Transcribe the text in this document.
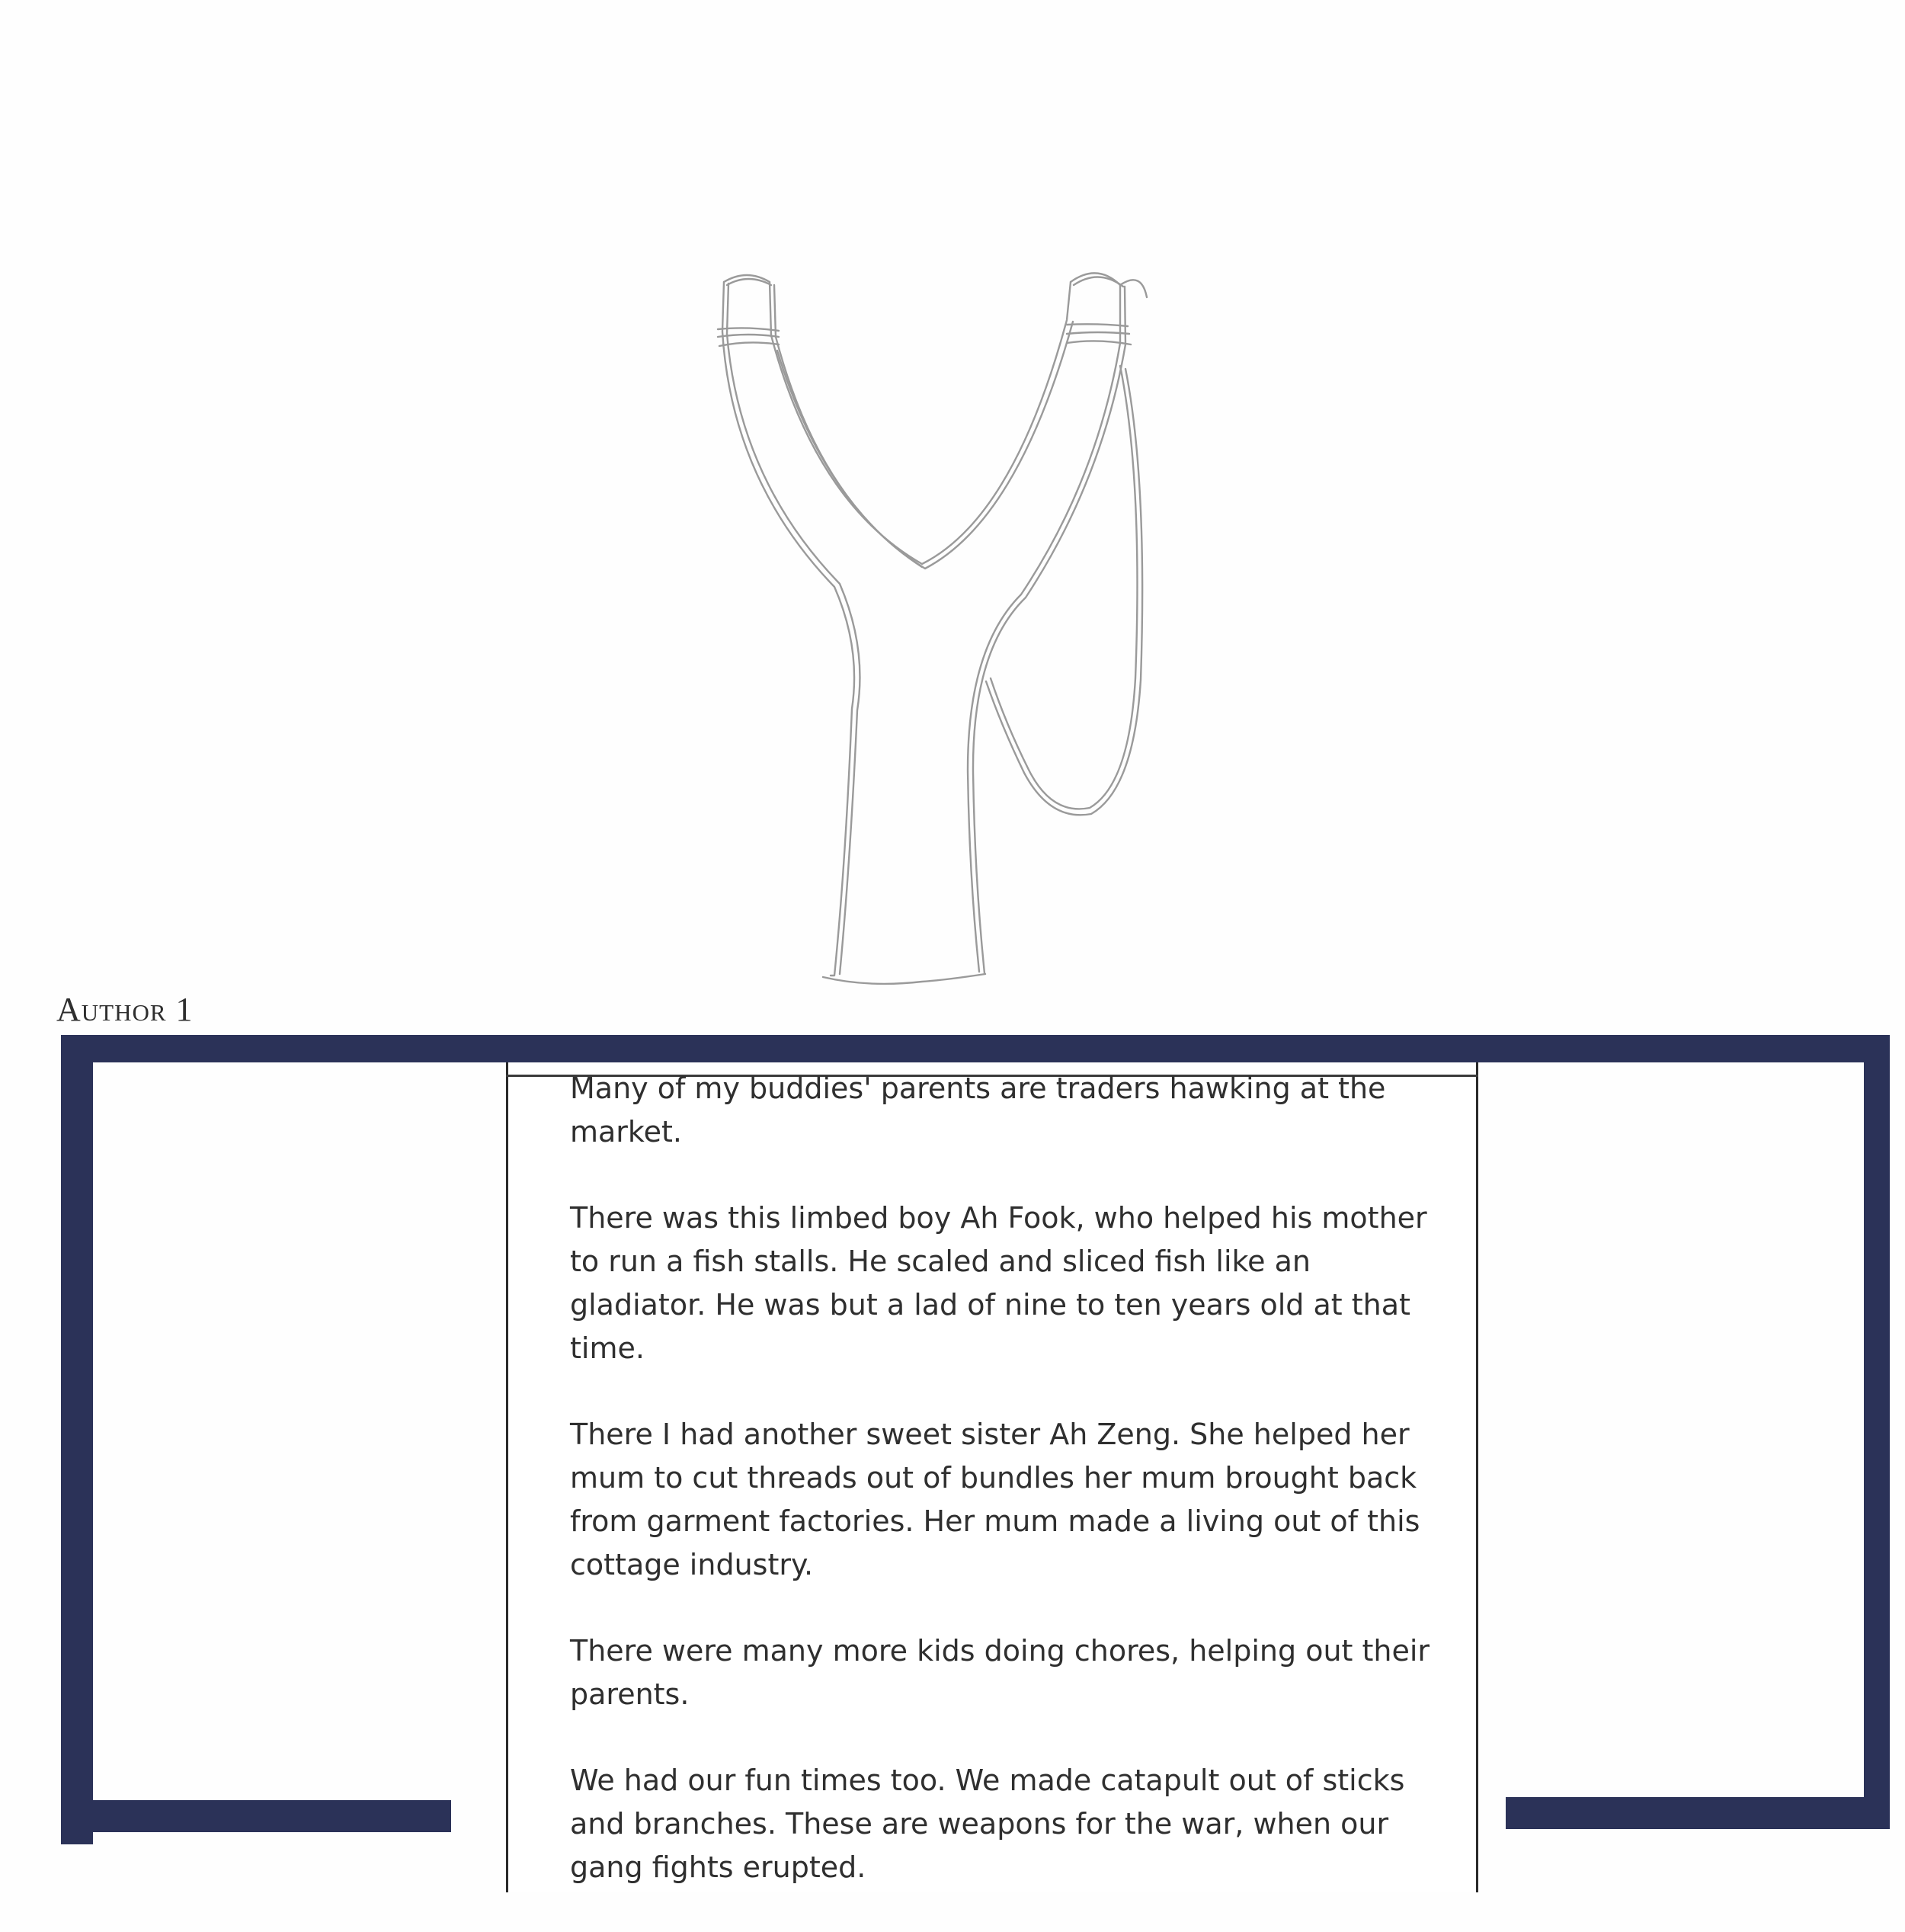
Author 1

Many of my buddies' parents are traders hawking at the market.

There was this limbed boy Ah Fook, who helped his mother to run a fish stalls. He scaled and sliced fish like an gladiator. He was but a lad of nine to ten years old at that time.

There I had another sweet sister Ah Zeng. She helped her mum to cut threads out of bundles her mum brought back from garment factories. Her mum made a living out of this cottage industry.

There were many more kids doing chores, helping out their parents.

We had our fun times too. We made catapult out of sticks and branches. These are weapons for the war, when our gang fights erupted.
